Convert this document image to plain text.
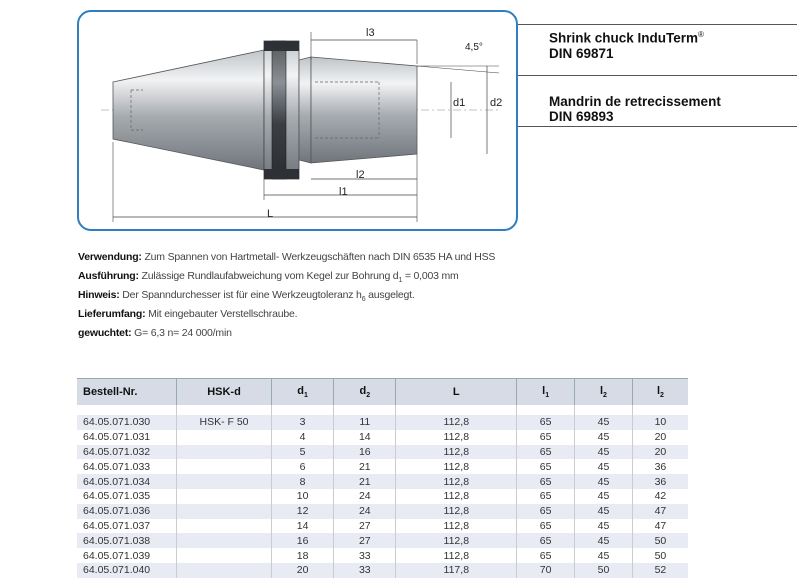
l3
4,5°
d1 d2
l2
l1
L
Shrink chuck InduTerm®
DIN 69871
Mandrin de retrecissement
DIN 69893
Verwendung: Zum Spannen von Hartmetall- Werkzeugschäften nach DIN 6535 HA und HSS
Ausführung: Zulässige Rundlaufabweichung vom Kegel zur Bohrung $d_1 = 0,003$ mm
Hinweis: Der Spanndurchesser ist für eine Werkzeugtoleranz $h_6$ ausgelegt.
Lieferumfang: Mit eingebauter Verstellschraube.
gewuchtet: G= 6,3 n= 24 000/min
Bestell-Nr.	HSK-d	$d_1$	$d_2$	L	$l_1$	$l_2$	$l_2$

64.05.071.030	HSK- F 50	3	11	112,8	65	45	10
64.05.071.031		4	14	112,8	65	45	20
64.05.071.032		5	16	112,8	65	45	20
64.05.071.033		6	21	112,8	65	45	36
64.05.071.034		8	21	112,8	65	45	36
64.05.071.035		10	24	112,8	65	45	42
64.05.071.036		12	24	112,8	65	45	47
64.05.071.037		14	27	112,8	65	45	47
64.05.071.038		16	27	112,8	65	45	50
64.05.071.039		18	33	112,8	65	45	50
64.05.071.040		20	33	117,8	70	50	52
